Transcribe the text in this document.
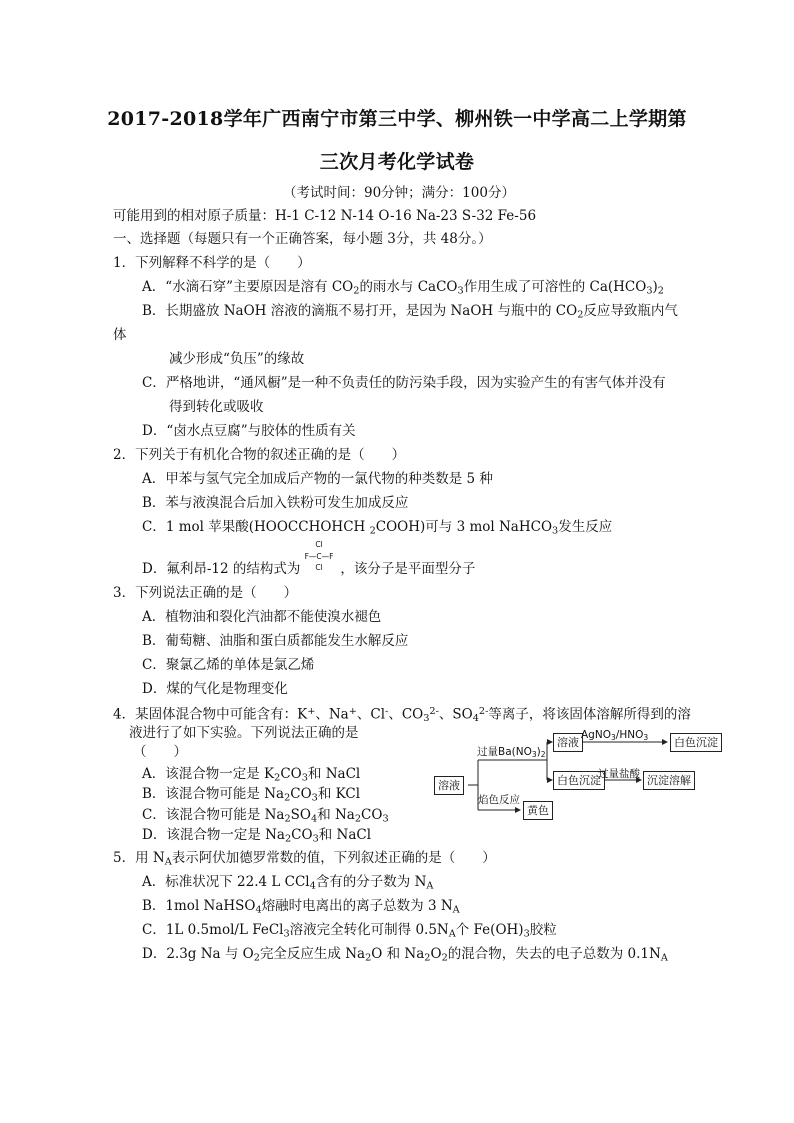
2017-2018学年广西南宁市第三中学、柳州铁一中学高二上学期第
三次月考化学试卷
（考试时间：90分钟；满分：100分）
可能用到的相对原子质量：H-1 C-12 N-14 O-16 Na-23 S-32 Fe-56
一、选择题（每题只有一个正确答案，每小题 3分，共 48分。）
1．下列解释不科学的是（　　）
A．“水滴石穿”主要原因是溶有 $CO_2$的雨水与 CaCO$_3$作用生成了可溶性的 $Ca(HCO_3)_2$
B．长期盛放 NaOH 溶液的滴瓶不易打开，是因为 NaOH 与瓶中的 $CO_2$反应导致瓶内气
体
减少形成“负压”的缘故
C．严格地讲，“通风橱”是一种不负责任的防污染手段，因为实验产生的有害气体并没有
得到转化或吸收
D．“卤水点豆腐”与胶体的性质有关
2．下列关于有机化合物的叙述正确的是（　　）
A．甲苯与氢气完全加成后产物的一氯代物的种类数是 5 种
B．苯与液溴混合后加入铁粉可发生加成反应
C．1 mol 苹果酸(HOOCCHOHCH $_2$COOH)可与 3 mol NaHCO$_3$发生反应
D．氟利昂-12 的结构式为	，该分子是平面型分子
Cl
F—C—F
Cl
3．下列说法正确的是（　　）
A．植物油和裂化汽油都不能使溴水褪色
B．葡萄糖、油脂和蛋白质都能发生水解反应
C．聚氯乙烯的单体是氯乙烯
D．煤的气化是物理变化
4．某固体混合物中可能含有：K+、Na+、Cl-、$CO_3^{2-}$、$SO_4^{2-}$等离子，将该固体溶解所得到的溶
液进行了如下实验。下列说法正确的是
（　　）
A．该混合物一定是 $K_2CO_3$和 NaCl
B．该混合物可能是 $Na_2CO_3$和 KCl
C．该混合物可能是 $Na_2SO_4$和 $Na_2CO_3$
D．该混合物一定是 $Na_2CO_3$和 NaCl
溶液
过量$Ba(NO_3)_2$
溶液
$AgNO_3/HNO_3$	白色沉淀
白色沉淀
过量盐酸 沉淀溶解
焰色反应
黄色
5．用 $N_A$表示阿伏加德罗常数的值，下列叙述正确的是（　　）
A．标准状况下 22.4 L CCl$_4$含有的分子数为 $N_A$
B．1mol NaHSO$_4$熔融时电离出的离子总数为 3 $N_A$
C．1L 0.5mol/L FeCl$_3$溶液完全转化可制得 $0.5N_A$个 $Fe(OH)_3$胶粒
D．2.3g Na 与 $O_2$完全反应生成 $Na_2O$ 和 $Na_2O_2$的混合物，失去的电子总数为 $0.1N_A$
